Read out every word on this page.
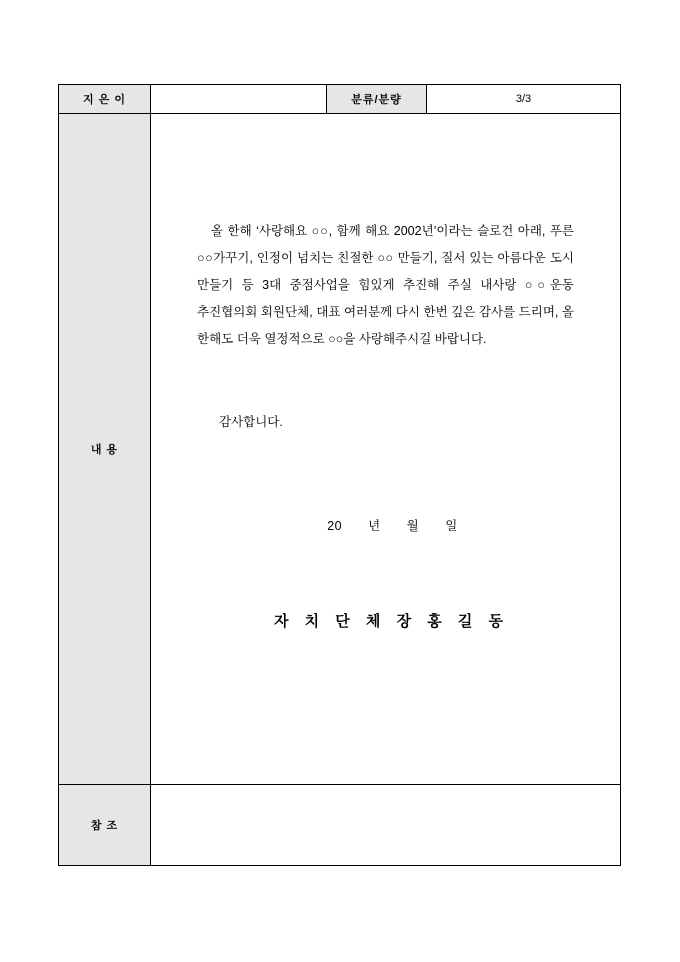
지 은 이		분류/분량	3/3
내 용	올 한해 ‘사랑해요 ○○, 함께 해요 2002년’이라는 슬로건 아래, 푸른 ○○가꾸기, 인정이 넘치는 친절한 ○○ 만들기, 질서 있는 아름다운 도시 만들기 등 3대 중점사업을 힘있게 추진해 주실 내사랑 ○○운동 추진협의회 회원단체, 대표 여러분께 다시 한번 깊은 감사를 드리며, 올 한해도 더욱 열정적으로 ○○을 사랑해주시길 바랍니다.

감사합니다.
20 년 월 일
자 치 단 체 장 홍 길 동		

참 조			
